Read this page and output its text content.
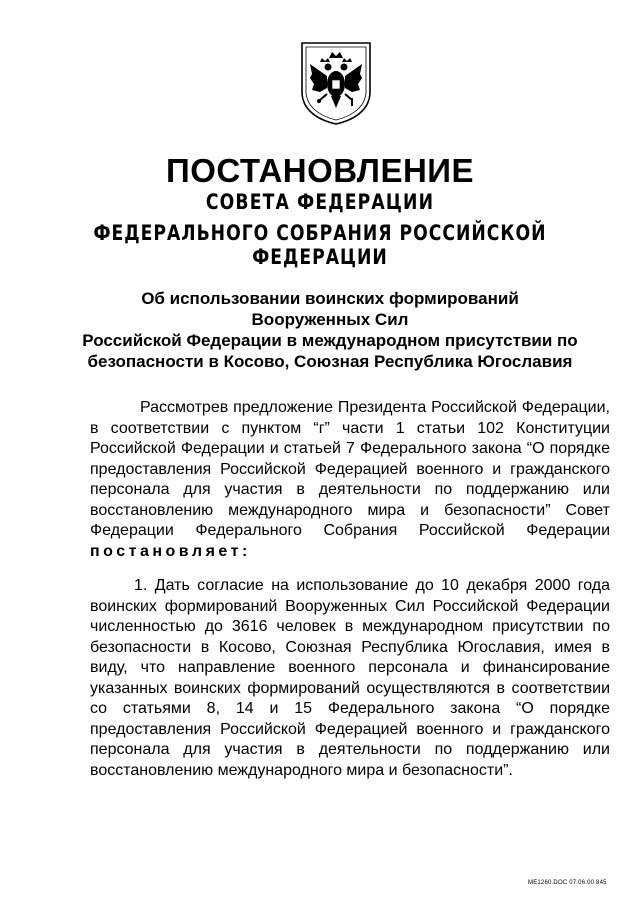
ПОСТАНОВЛЕНИЕ
СОВЕТА ФЕДЕРАЦИИ
ФЕДЕРАЛЬНОГО СОБРАНИЯ РОССИЙСКОЙ ФЕДЕРАЦИИ
Об использовании воинских формирований Вооруженных Сил
Российской Федерации в международном присутствии по
безопасности в Косово, Союзная Республика Югославия
Рассмотрев предложение Президента Российской Федерации, в соответствии с пунктом “г” части 1 статьи 102 Конституции Российской Федерации и статьей 7 Федерального закона “О порядке предоставления Российской Федерацией военного и гражданского персонала для участия в деятельности по поддержанию или восстановлению международного мира и безопасности” Совет Федерации Федерального Собрания Российской Федерации постановляет:
1. Дать согласие на использование до 10 декабря 2000 года воинских формирований Вооруженных Сил Российской Федерации численностью до 3616 человек в международном присутствии по безопасности в Косово, Союзная Республика Югославия, имея в виду, что направление военного персонала и финансирование указанных воинских формирований осуществляются в соответствии со статьями 8, 14 и 15 Федерального закона “О порядке предоставления Российской Федерацией военного и гражданского персонала для участия в деятельности по поддержанию или восстановлению международного мира и безопасности”.
МЕ1260.DOC 07.06.00 845
